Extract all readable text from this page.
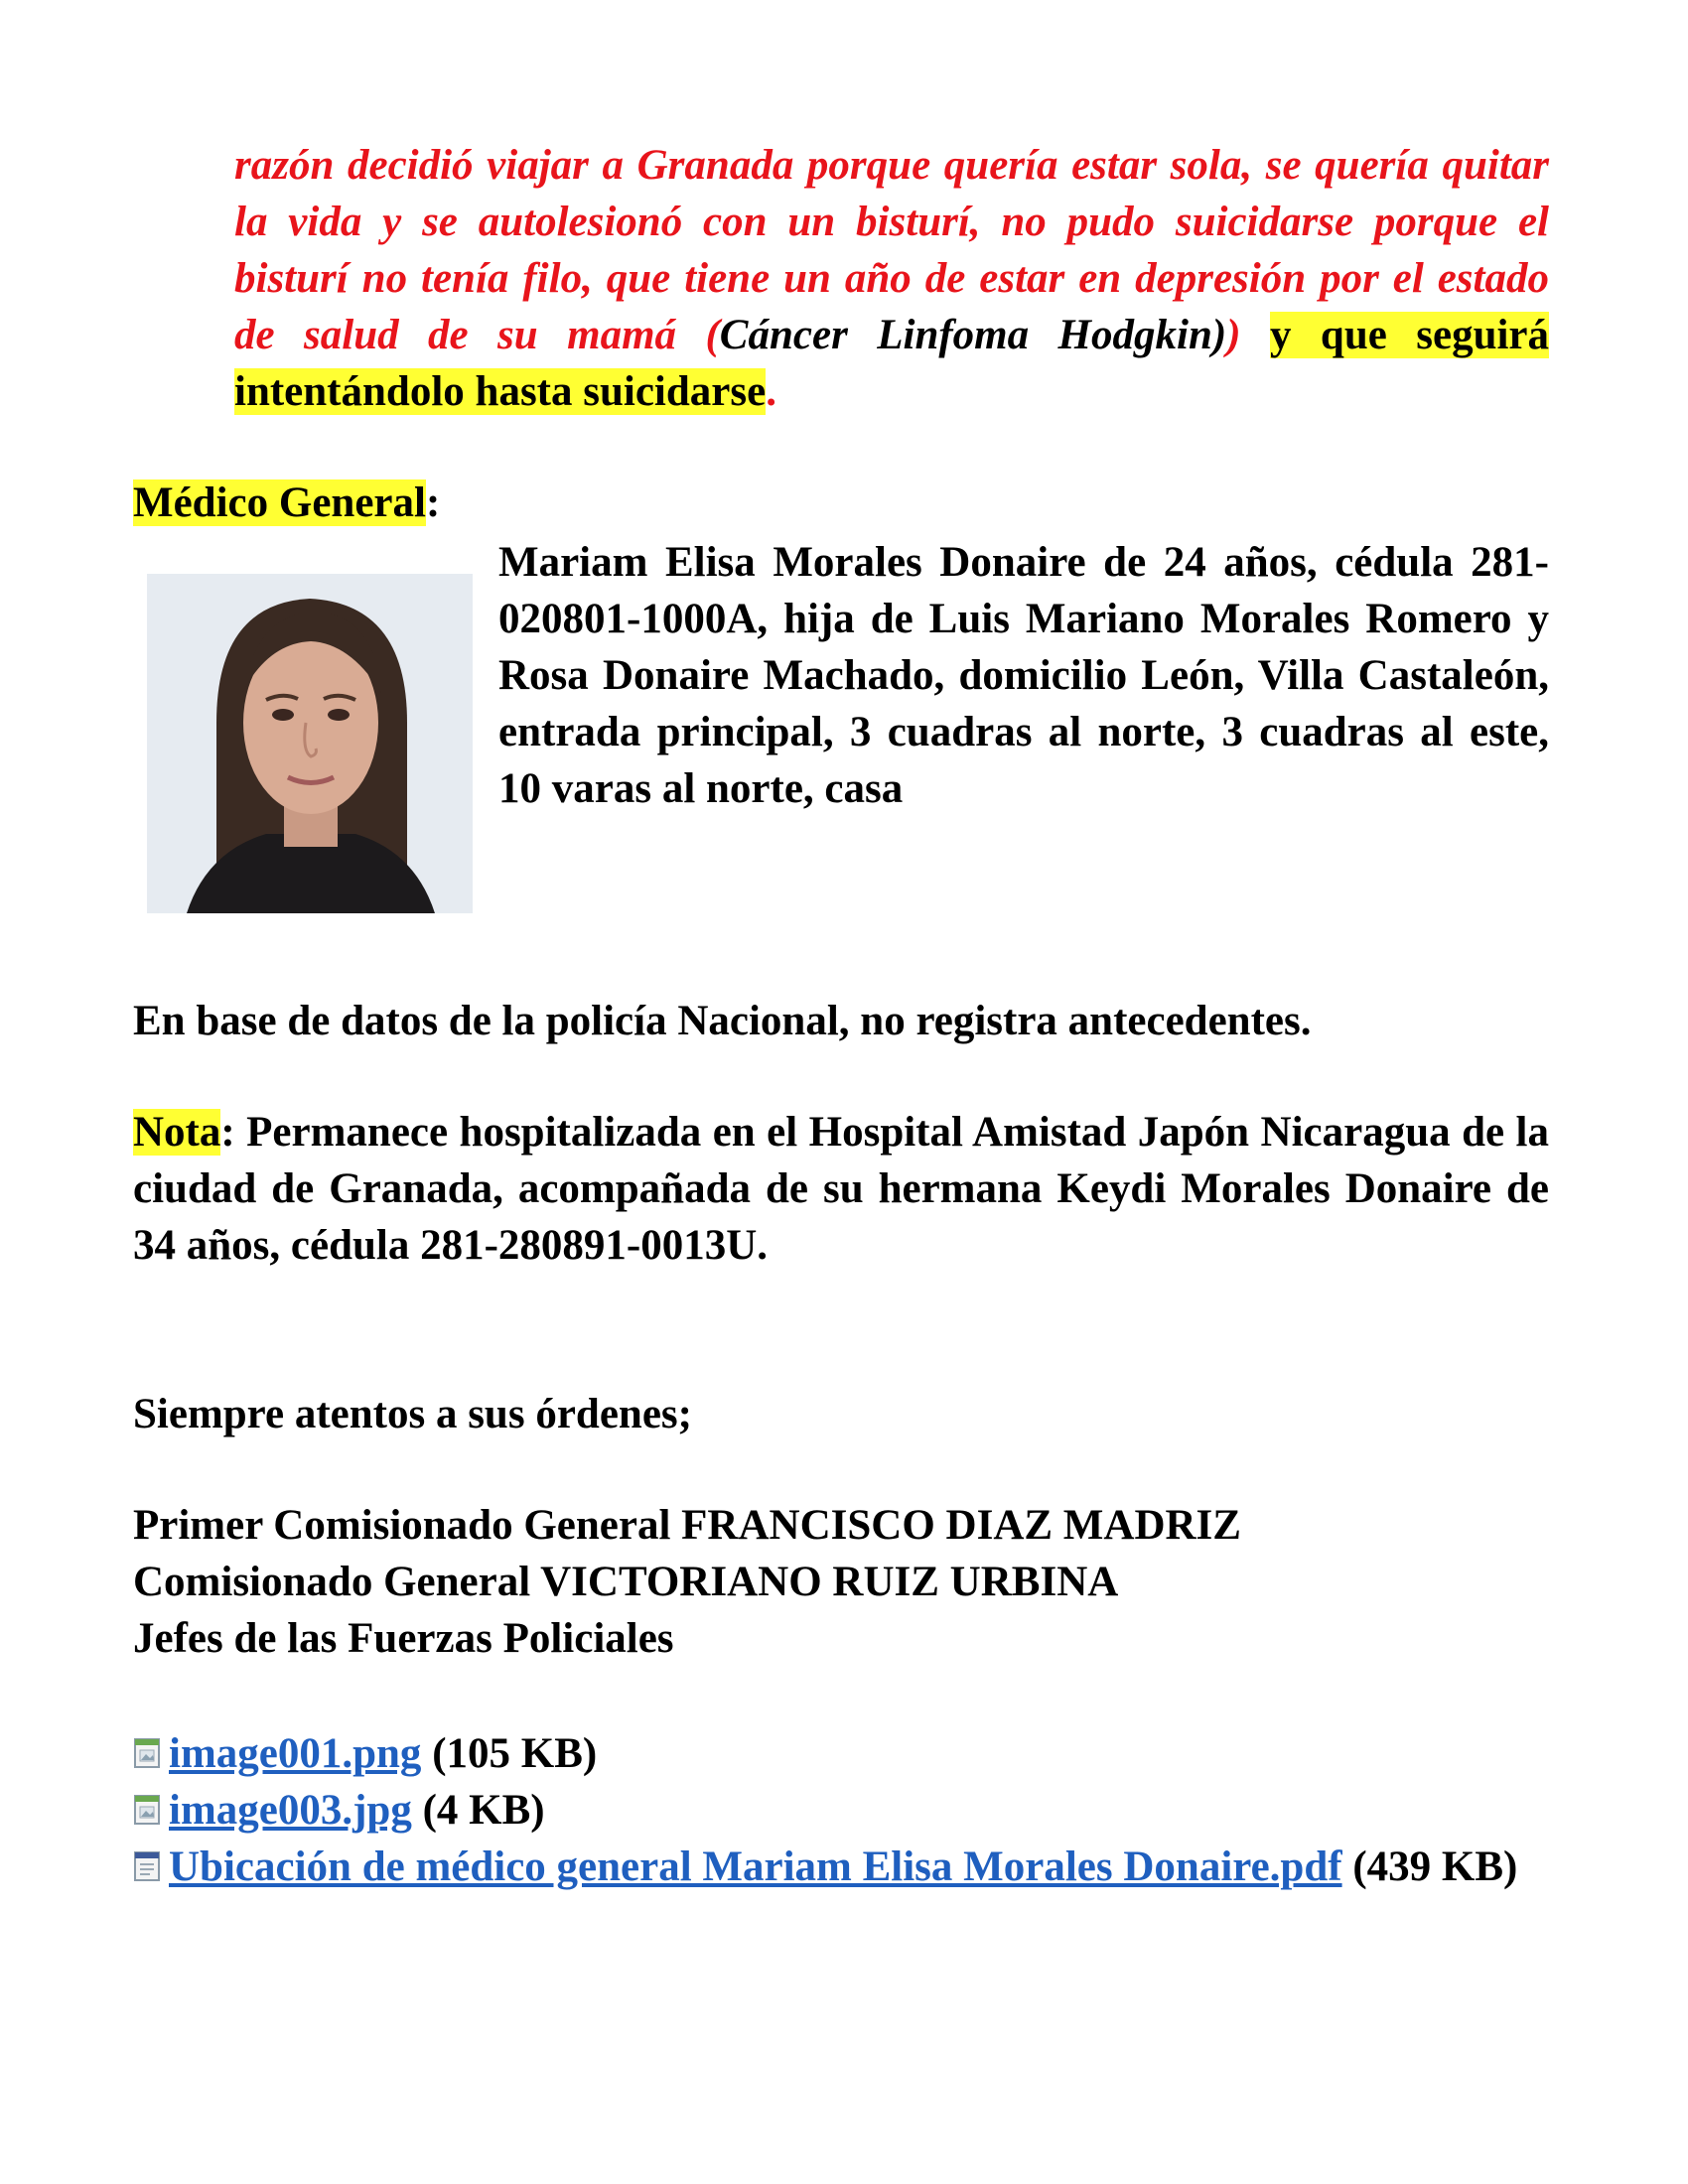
razón decidió viajar a Granada porque quería estar sola, se quería quitar la vida y se autolesionó con un bisturí, no pudo suicidarse porque el bisturí no tenía filo, que tiene un año de estar en depresión por el estado de salud de su mamá (Cáncer Linfoma Hodgkin)) y que seguirá intentándolo hasta suicidarse.
Médico General:
Mariam Elisa Morales Donaire de 24 años, cédula 281-020801-1000A, hija de Luis Mariano Morales Romero y Rosa Donaire Machado, domicilio León, Villa Castaleón, entrada principal, 3 cuadras al norte, 3 cuadras al este, 10 varas al norte, casa
En base de datos de la policía Nacional, no registra antecedentes.
Nota: Permanece hospitalizada en el Hospital Amistad Japón Nicaragua de la ciudad de Granada, acompañada de su hermana Keydi Morales Donaire de 34 años, cédula 281-280891-0013U.
Siempre atentos a sus órdenes;
Primer Comisionado General FRANCISCO DIAZ MADRIZ
Comisionado General VICTORIANO RUIZ URBINA
Jefes de las Fuerzas Policiales
image001.png (105 KB)
image003.jpg (4 KB)
Ubicación de médico general Mariam Elisa Morales Donaire.pdf (439 KB)
